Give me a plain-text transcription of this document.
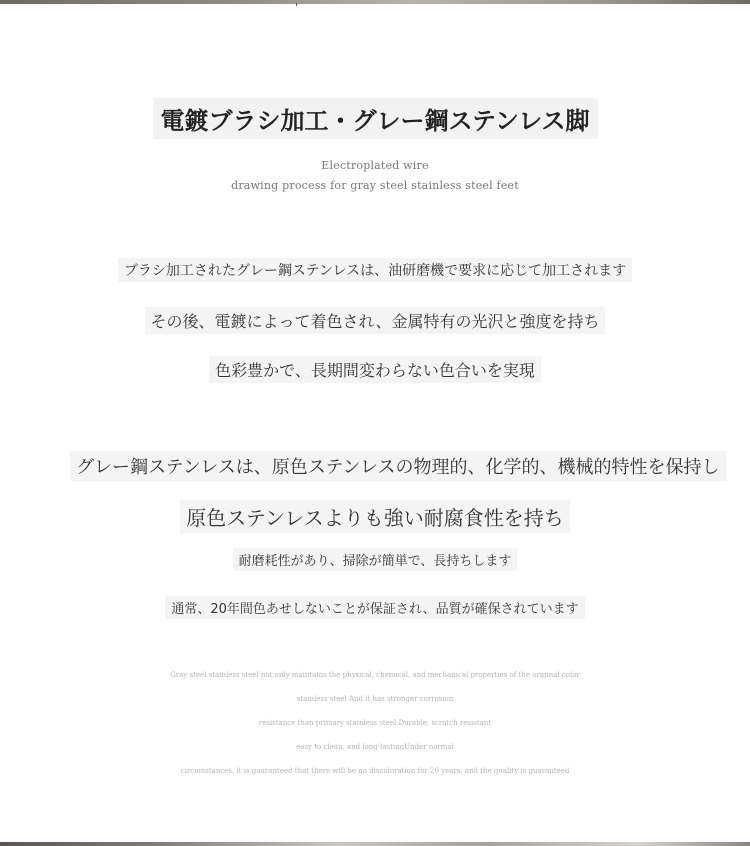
電鍍ブラシ加工・グレー鋼ステンレス脚
Electroplated wire
drawing process for gray steel stainless steel feet
ブラシ加工されたグレー鋼ステンレスは、油研磨機で要求に応じて加工されます
その後、電鍍によって着色され、金属特有の光沢と強度を持ち
色彩豊かで、長期間変わらない色合いを実現
グレー鋼ステンレスは、原色ステンレスの物理的、化学的、機械的特性を保持し
原色ステンレスよりも強い耐腐食性を持ち
耐磨耗性があり、掃除が簡単で、長持ちします
通常、20年間色あせしないことが保証され、品質が確保されています
Gray steel stainless steel not only maintains the physical, chemical, and mechanical properties of the original color
stainless steel And it has stronger corrosion
resistance than primary stainless steel Durable, scratch resistant
easy to clean, and long-lastingUnder normal
circumstances, it is guaranteed that there will be no discoloration for 20 years, and the quality is guaranteed
